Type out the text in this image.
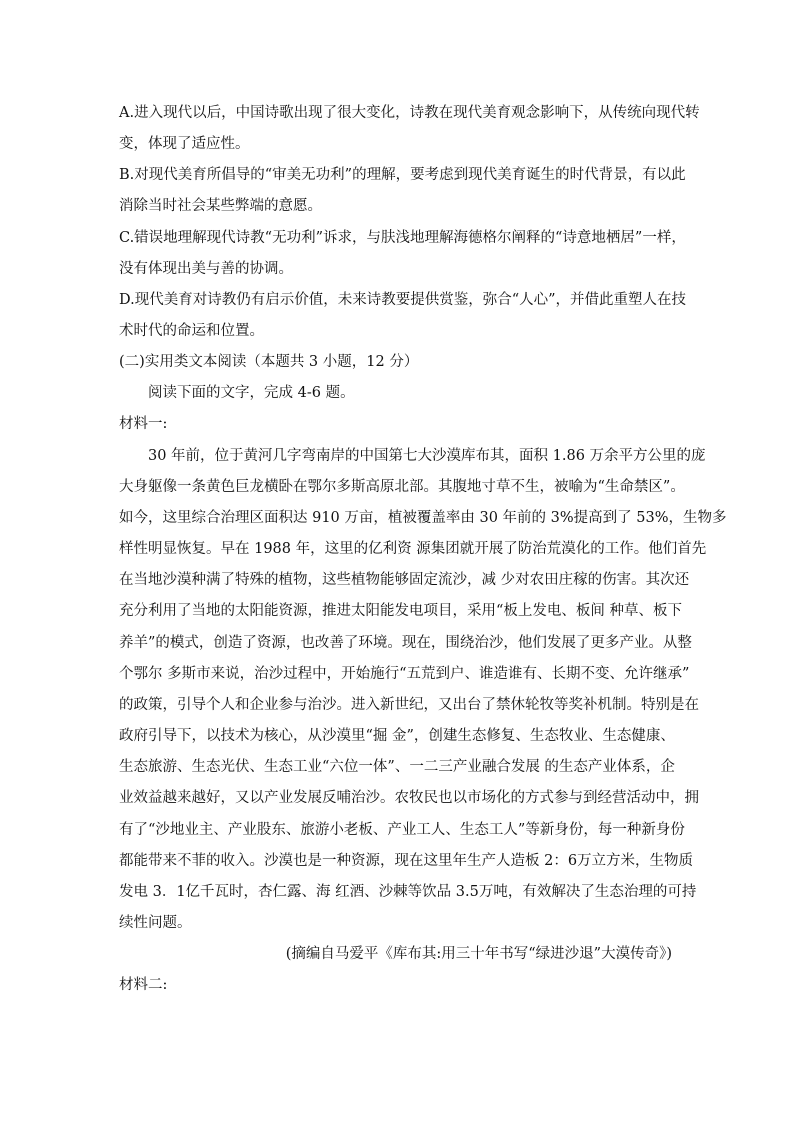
A.进入现代以后，中国诗歌出现了很大变化，诗教在现代美育观念影响下，从传统向现代转
变，体现了适应性。
B.对现代美育所倡导的“审美无功利”的理解，要考虑到现代美育诞生的时代背景，有以此
消除当时社会某些弊端的意愿。
C.错误地理解现代诗教“无功利”诉求，与肤浅地理解海德格尔阐释的“诗意地栖居”一样，
没有体现出美与善的协调。
D.现代美育对诗教仍有启示价值，未来诗教要提供赏鉴，弥合“人心”，并借此重塑人在技
术时代的命运和位置。
(二)实用类文本阅读（本题共 3 小题，12 分）
阅读下面的文字，完成 4-6 题。
材料一:
30 年前，位于黄河几字弯南岸的中国第七大沙漠库布其，面积 1.86 万余平方公里的庞
大身躯像一条黄色巨龙横卧在鄂尔多斯高原北部。其腹地寸草不生，被喻为“生命禁区”。
如今，这里综合治理区面积达 910 万亩，植被覆盖率由 30 年前的 3%提高到了 53%，生物多
样性明显恢复。早在 1988 年，这里的亿利资 源集团就开展了防治荒漠化的工作。他们首先
在当地沙漠种满了特殊的植物，这些植物能够固定流沙，减 少对农田庄稼的伤害。其次还
充分利用了当地的太阳能资源，推进太阳能发电项目，采用“板上发电、板间 种草、板下
养羊”的模式，创造了资源，也改善了环境。现在，围绕治沙，他们发展了更多产业。从整
个鄂尔 多斯市来说，治沙过程中，开始施行“五荒到户、谁造谁有、长期不变、允许继承”
的政策，引导个人和企业参与治沙。进入新世纪，又出台了禁休轮牧等奖补机制。特别是在
政府引导下，以技术为核心，从沙漠里“掘 金”，创建生态修复、生态牧业、生态健康、
生态旅游、生态光伏、生态工业“六位一体”、一二三产业融合发展 的生态产业体系，企
业效益越来越好，又以产业发展反哺治沙。农牧民也以市场化的方式参与到经营活动中，拥
有了“沙地业主、产业股东、旅游小老板、产业工人、生态工人”等新身份，每一种新身份
都能带来不菲的收入。沙漠也是一种资源，现在这里年生产人造板 2：6万立方米，生物质
发电 3．1亿千瓦时，杏仁露、海 红酒、沙棘等饮品 3.5万吨，有效解决了生态治理的可持
续性问题。
(摘编自马爱平《库布其:用三十年书写“绿进沙退”大漠传奇》)
材料二:
